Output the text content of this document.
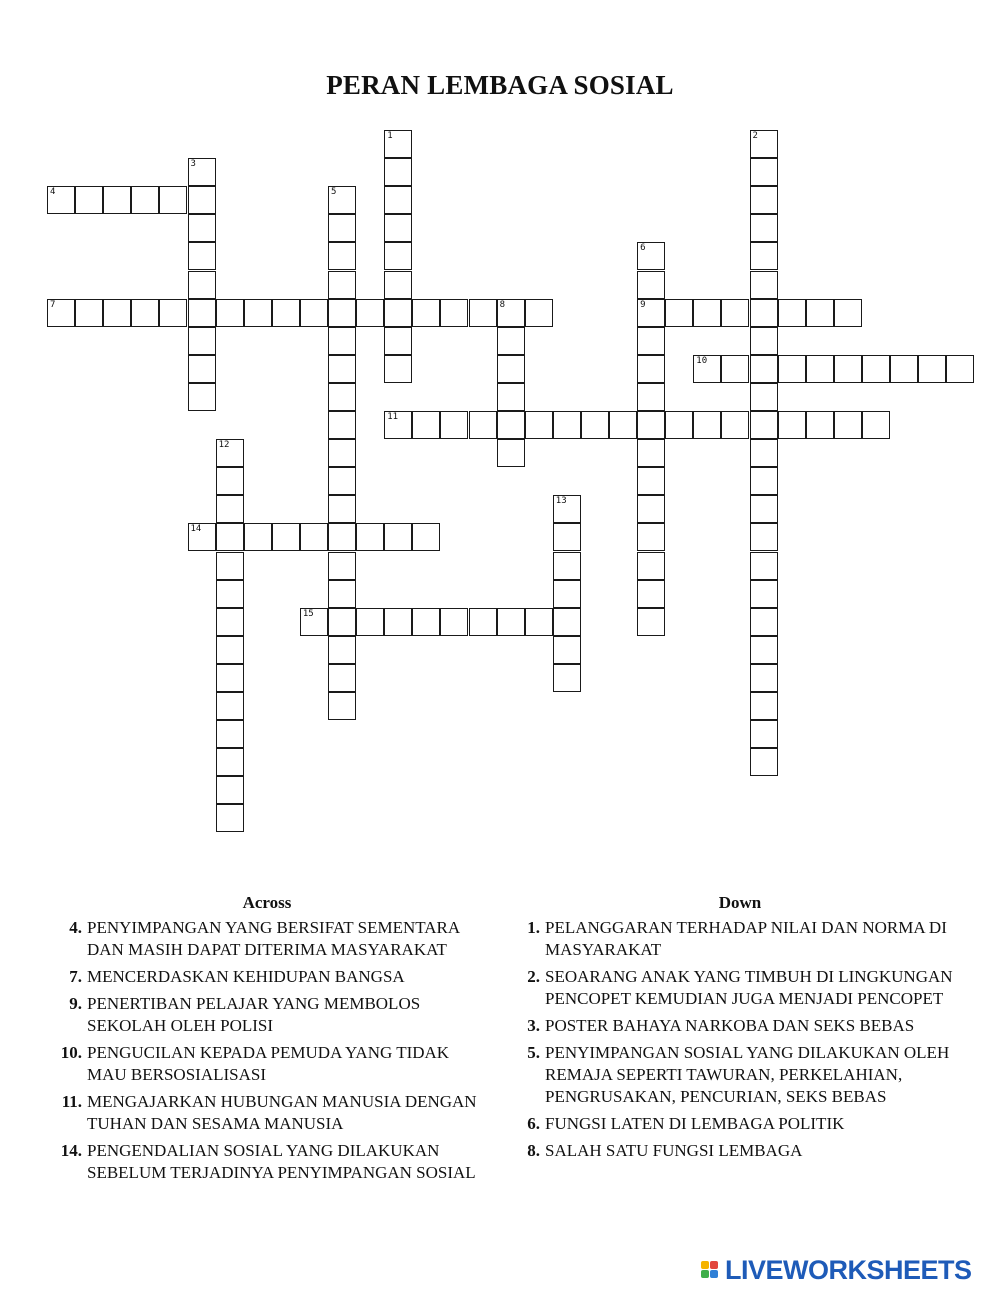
PERAN LEMBAGA SOSIAL
1	2
3
4	5
6
9
7	8
10
11
12
13
14
15
Across
4. PENYIMPANGAN YANG BERSIFAT SEMENTARA DAN MASIH DAPAT DITERIMA MASYARAKAT
7. MENCERDASKAN KEHIDUPAN BANGSA
9. PENERTIBAN PELAJAR YANG MEMBOLOS SEKOLAH OLEH POLISI
10. PENGUCILAN KEPADA PEMUDA YANG TIDAK MAU BERSOSIALISASI
11. MENGAJARKAN HUBUNGAN MANUSIA DENGAN TUHAN DAN SESAMA MANUSIA
14. PENGENDALIAN SOSIAL YANG DILAKUKAN SEBELUM TERJADINYA PENYIMPANGAN SOSIAL
Down
1. PELANGGARAN TERHADAP NILAI DAN NORMA DI MASYARAKAT
2. SEOARANG ANAK YANG TIMBUH DI LINGKUNGAN PENCOPET KEMUDIAN JUGA MENJADI PENCOPET
3. POSTER BAHAYA NARKOBA DAN SEKS BEBAS
5. PENYIMPANGAN SOSIAL YANG DILAKUKAN OLEH REMAJA SEPERTI TAWURAN, PERKELAHIAN, PENGRUSAKAN, PENCURIAN, SEKS BEBAS
6. FUNGSI LATEN DI LEMBAGA POLITIK
8. SALAH SATU FUNGSI LEMBAGA
LIVEWORKSHEETS
